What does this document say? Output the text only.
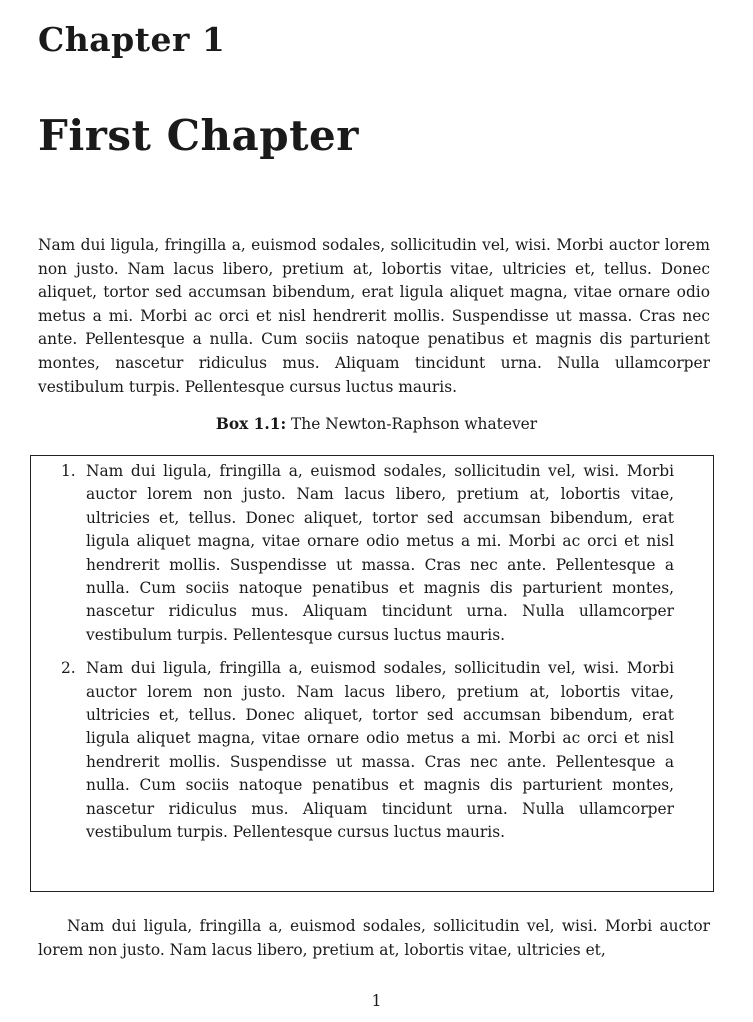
Chapter 1
First Chapter

Nam dui ligula, fringilla a, euismod sodales, sollicitudin vel, wisi. Morbi auctor lorem non justo. Nam lacus libero, pretium at, lobortis vitae, ultricies et, tellus. Donec aliquet, tortor sed accumsan bibendum, erat ligula aliquet magna, vitae ornare odio metus a mi. Morbi ac orci et nisl hendrerit mollis. Suspendisse ut massa. Cras nec ante. Pellentesque a nulla. Cum sociis natoque penatibus et magnis dis parturient montes, nascetur ridiculus mus. Aliquam tincidunt urna. Nulla ullamcorper vestibulum turpis. Pellentesque cursus luctus mauris.

Box 1.1: The Newton-Raphson whatever

1. Nam dui ligula, fringilla a, euismod sodales, sollicitudin vel, wisi. Morbi auctor lorem non justo. Nam lacus libero, pretium at, lobortis vitae, ultricies et, tellus. Donec aliquet, tortor sed accumsan bibendum, erat ligula aliquet magna, vitae ornare odio metus a mi. Morbi ac orci et nisl hendrerit mollis. Suspendisse ut massa. Cras nec ante. Pellentesque a nulla. Cum sociis natoque penatibus et magnis dis parturient montes, nascetur ridiculus mus. Aliquam tincidunt urna. Nulla ullamcorper vestibulum turpis. Pellentesque cursus luctus mauris.

2. Nam dui ligula, fringilla a, euismod sodales, sollicitudin vel, wisi. Morbi auctor lorem non justo. Nam lacus libero, pretium at, lobortis vitae, ultricies et, tellus. Donec aliquet, tortor sed accumsan bibendum, erat ligula aliquet magna, vitae ornare odio metus a mi. Morbi ac orci et nisl hendrerit mollis. Suspendisse ut massa. Cras nec ante. Pellentesque a nulla. Cum sociis natoque penatibus et magnis dis parturient montes, nascetur ridiculus mus. Aliquam tincidunt urna. Nulla ullamcorper vestibulum turpis. Pellentesque cursus luctus mauris.

Nam dui ligula, fringilla a, euismod sodales, sollicitudin vel, wisi. Morbi auctor lorem non justo. Nam lacus libero, pretium at, lobortis vitae, ultricies et,

1
